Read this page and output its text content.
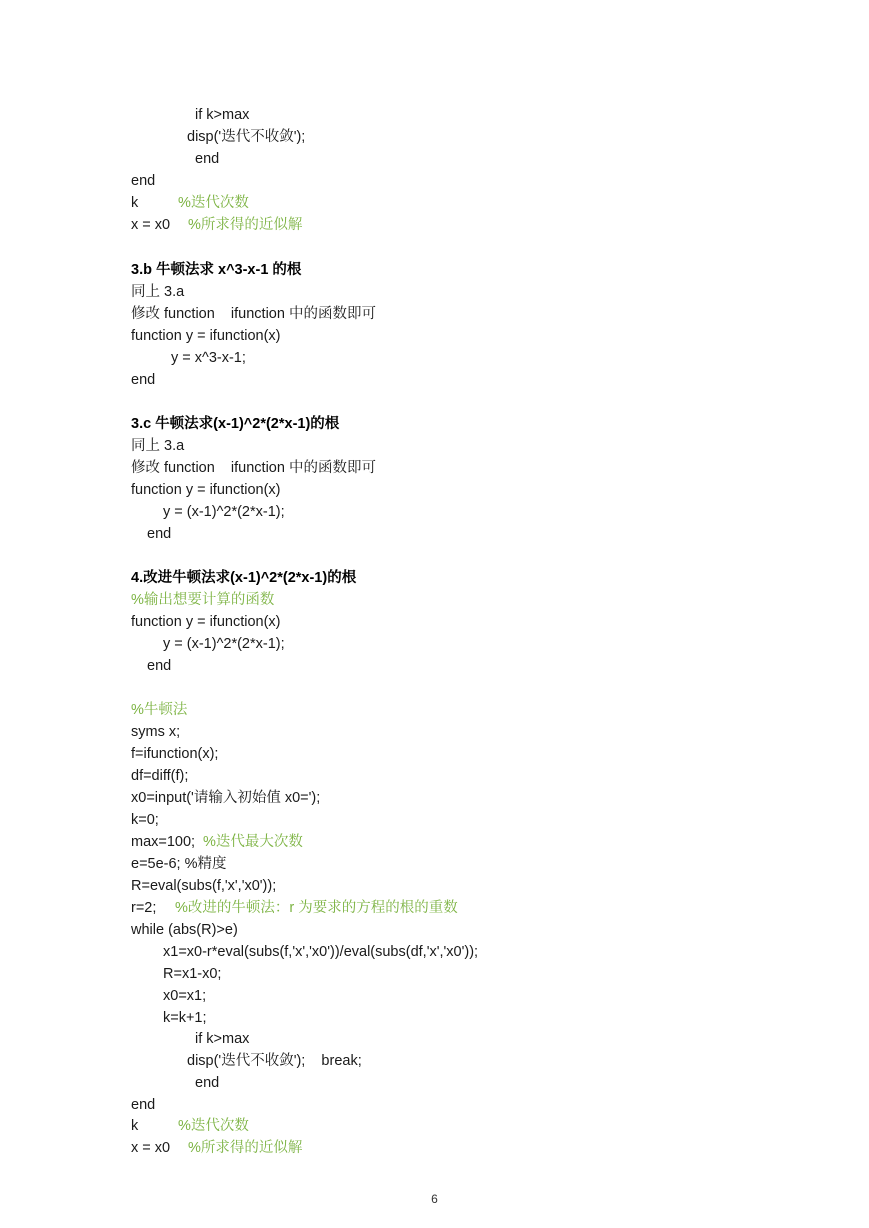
if k>max
disp('迭代不收敛');
end
end
k	%迭代次数
x = x0 %所求得的近似解
3.b 牛顿法求 x^3-x-1 的根
同上 3.a
修改 function    ifunction 中的函数即可
function y = ifunction(x)
y = x^3-x-1;
end
3.c 牛顿法求(x-1)^2*(2*x-1)的根
同上 3.a
修改 function    ifunction 中的函数即可
function y = ifunction(x)
y = (x-1)^2*(2*x-1);
end
4.改进牛顿法求(x-1)^2*(2*x-1)的根
%输出想要计算的函数
function y = ifunction(x)
y = (x-1)^2*(2*x-1);
end
%牛顿法
syms x;
f=ifunction(x);
df=diff(f);
x0=input('请输入初始值 x0=');
k=0;
max=100; %迭代最大次数
e=5e-6; %精度
R=eval(subs(f,'x','x0'));
r=2; %改进的牛顿法：r 为要求的方程的根的重数
while (abs(R)>e)
x1=x0-r*eval(subs(f,'x','x0'))/eval(subs(df,'x','x0'));
R=x1-x0;
x0=x1;
k=k+1;
if k>max
disp('迭代不收敛');    break;
end
end
k	%迭代次数
x = x0 %所求得的近似解
6
